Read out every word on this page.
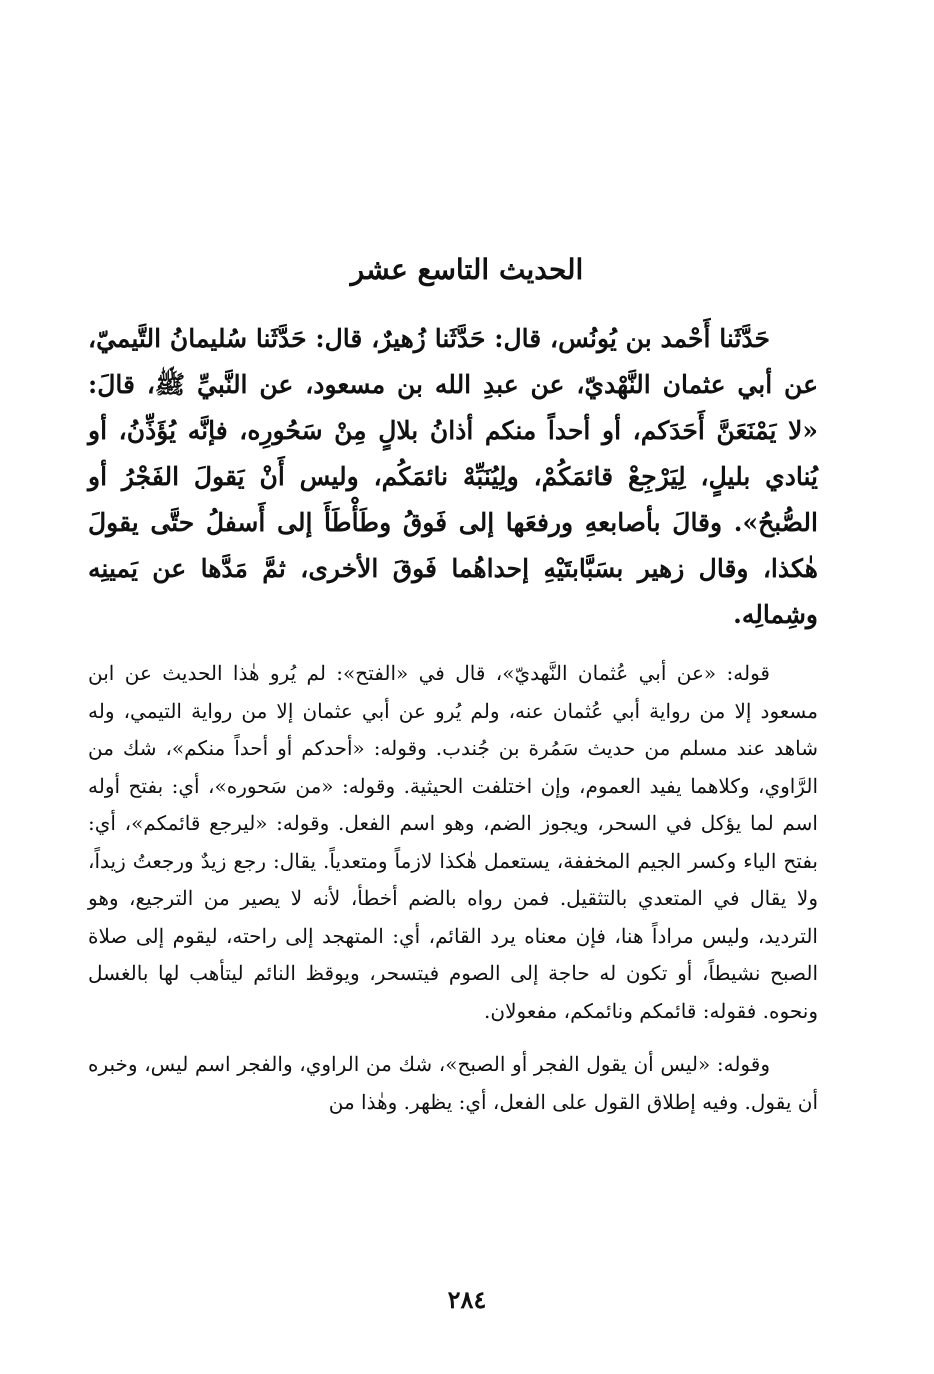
الحديث التاسع عشر

حَدَّثَنا أَحْمد بن يُونُس، قال: حَدَّثَنا زُهيرٌ، قال: حَدَّثَنا سُليمانُ التَّيميّ، عن أبي عثمان النَّهْديّ، عن عبدِ الله بن مسعود، عن النَّبيِّ ﷺ، قالَ: «لا يَمْنَعَنَّ أَحَدَكم، أو أحداً منكم أذانُ بلالٍ مِنْ سَحُورِه، فإنَّه يُؤَذِّنُ، أو يُنادي بليلٍ، لِيَرْجِعْ قائمَكُمْ، ولِيُنَبِّهْ نائمَكُم، وليس أَنْ يَقولَ الفَجْرُ أو الصُّبحُ». وقالَ بأصابعهِ ورفعَها إلى فَوقُ وطَأْطَأَ إلى أَسفلُ حتَّى يقولَ هٰكذا، وقال زهير بسَبَّابتَيْهِ إحداهُما فَوقَ الأخرى، ثمَّ مَدَّها عن يَمينِه وشِمالِه.

قوله: «عن أبي عُثمان النَّهديّ»، قال في «الفتح»: لم يُرو هٰذا الحديث عن ابن مسعود إلا من رواية أبي عُثمان عنه، ولم يُرو عن أبي عثمان إلا من رواية التيمي، وله شاهد عند مسلم من حديث سَمُرة بن جُندب. وقوله: «أحدكم أو أحداً منكم»، شك من الرَّاوي، وكلاهما يفيد العموم، وإن اختلفت الحيثية. وقوله: «من سَحوره»، أي: بفتح أوله اسم لما يؤكل في السحر، ويجوز الضم، وهو اسم الفعل. وقوله: «ليرجع قائمكم»، أي: بفتح الياء وكسر الجيم المخففة، يستعمل هٰكذا لازماً ومتعدياً. يقال: رجع زيدٌ ورجعتُ زيداً، ولا يقال في المتعدي بالتثقيل. فمن رواه بالضم أخطأ، لأنه لا يصير من الترجيع، وهو الترديد، وليس مراداً هنا، فإن معناه يرد القائم، أي: المتهجد إلى راحته، ليقوم إلى صلاة الصبح نشيطاً، أو تكون له حاجة إلى الصوم فيتسحر، ويوقظ النائم ليتأهب لها بالغسل ونحوه. فقوله: قائمكم ونائمكم، مفعولان.

وقوله: «ليس أن يقول الفجر أو الصبح»، شك من الراوي، والفجر اسم ليس، وخبره أن يقول. وفيه إطلاق القول على الفعل، أي: يظهر. وهٰذا من

٢٨٤
